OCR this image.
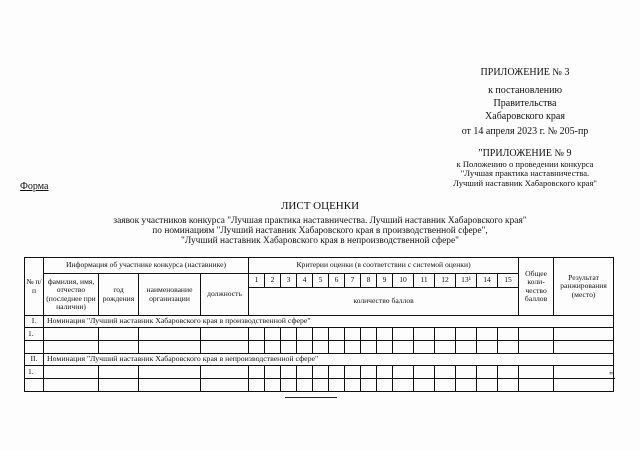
ПРИЛОЖЕНИЕ № 3
к постановлению
Правительства
Хабаровского края
от 14 апреля 2023 г. № 205-пр
"ПРИЛОЖЕНИЕ № 9
к Положению о проведении конкурса
"Лучшая практика наставничества.
Лучший наставник Хабаровского края"
Форма
ЛИСТ ОЦЕНКИ
заявок участников конкурса "Лучшая практика наставничества. Лучший наставник Хабаровского края"
по номинациям "Лучший наставник Хабаровского края в производственной сфере",
"Лучший наставник Хабаровского края в непроизводственной сфере"
№ п/п	Информация об участнике конкурса (наставнике)				Критерии оценки (в соответствии с системой оценки)															Общее коли-чество баллов	Результат ранжирования (место)
	фамилия, имя, отчество (последнее при наличии)	год рождения	наименование организации	должность	1	2	3	4	5	6	7	8	9	10	11	12	13¹	14	15		
					количество баллов																
I.	Номинация "Лучший наставник Хабаровского края в производственной сфере"																				
1.																					

II.	Номинация "Лучший наставник Хабаровского края в непроизводственной сфере"																				
1.																					
																						".
